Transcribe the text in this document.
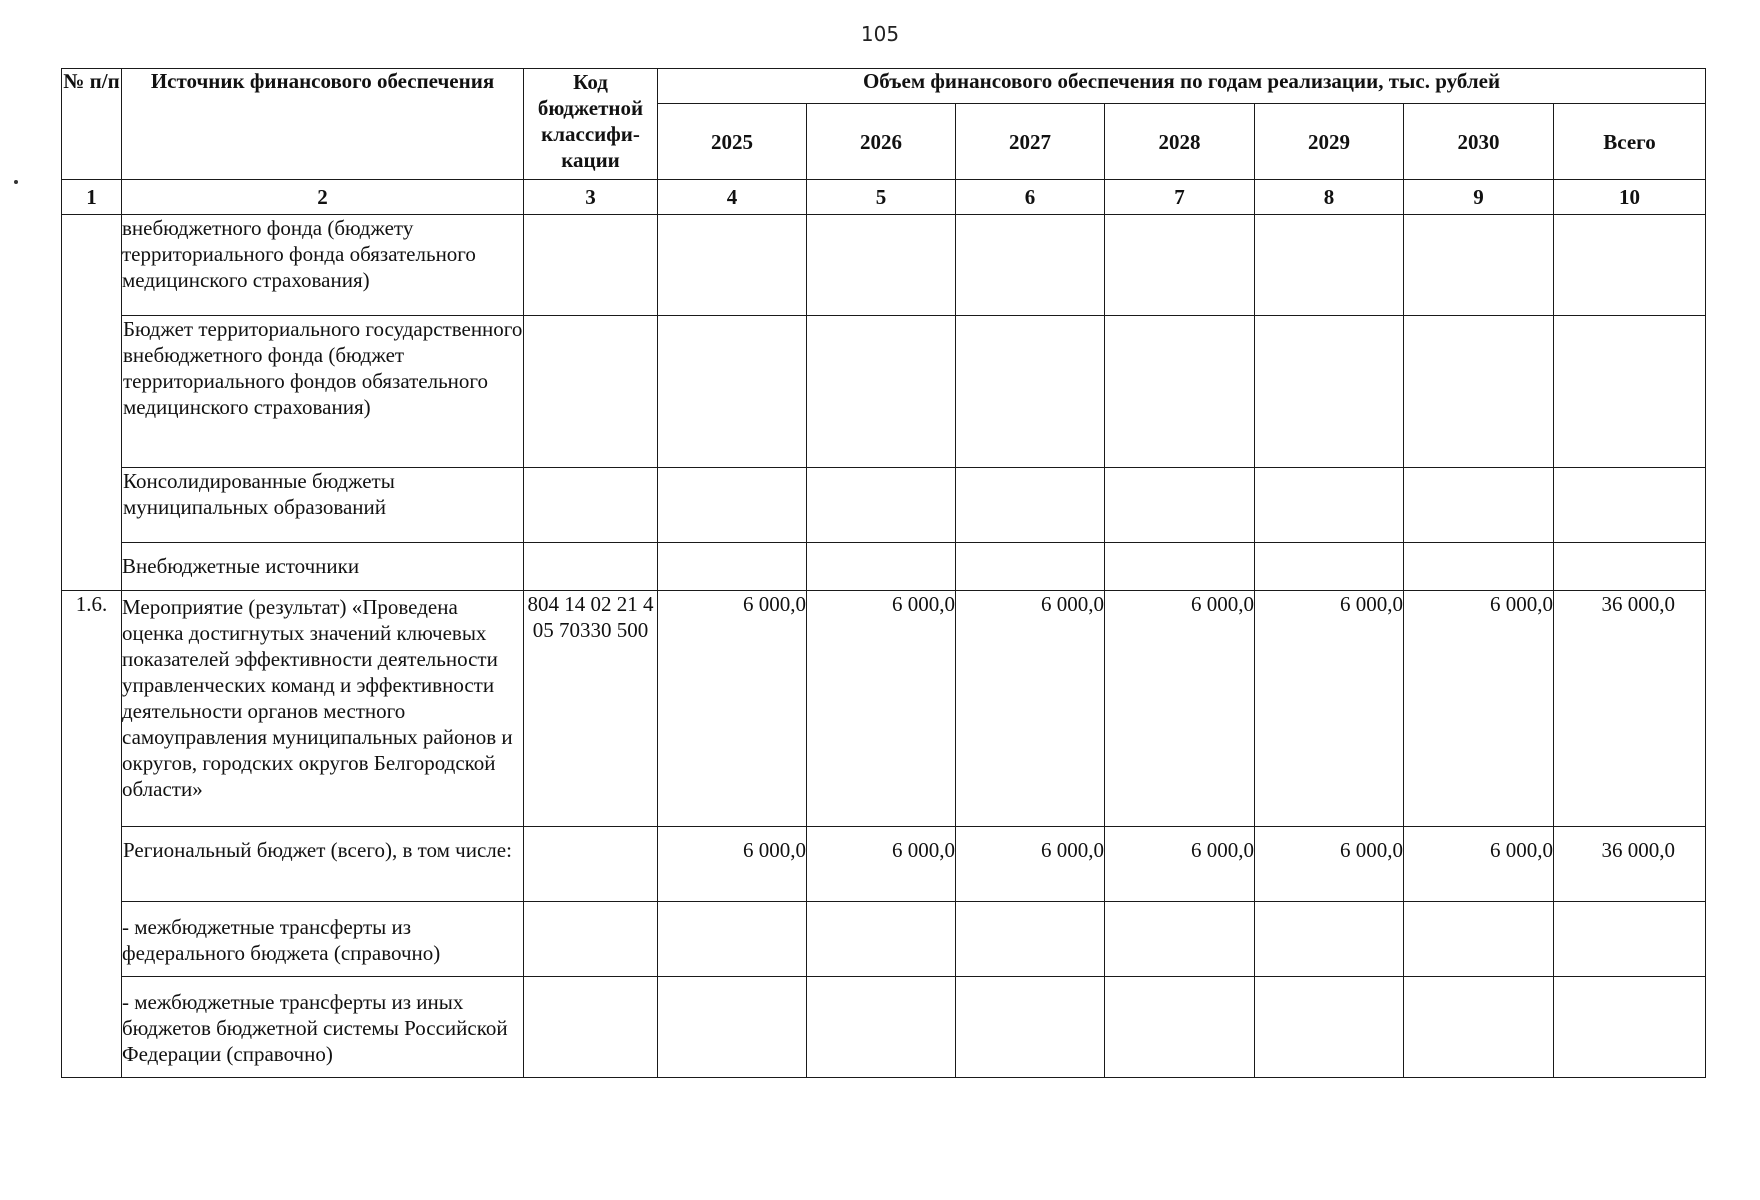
105
№ п/п	Источник финансового обеспечения	Код бюджетной классифи-кации	Объем финансового обеспечения по годам реализации, тыс. рублей						
			2025	2026	2027	2028	2029	2030	Всего
1	2	3	4	5	6	7	8	9	10
	внебюджетного фонда (бюджету территориального фонда обязательного медицинского страхования)								
	Бюджет территориального государственного внебюджетного фонда (бюджет территориального фондов обязательного медицинского страхования)								
	Консолидированные бюджеты муниципальных образований								
	Внебюджетные источники								
1.6.	Мероприятие (результат) «Проведена оценка достигнутых значений ключевых показателей эффективности деятельности управленческих команд и эффективности деятельности органов местного самоуправления муниципальных районов и округов, городских округов Белгородской области»	804 14 02 21 4 05 70330 500	6 000,0	6 000,0	6 000,0	6 000,0	6 000,0	6 000,0	36 000,0
	Региональный бюджет (всего), в том числе:		6 000,0	6 000,0	6 000,0	6 000,0	6 000,0	6 000,0	36 000,0
	- межбюджетные трансферты из федерального бюджета (справочно)								
	- межбюджетные трансферты из иных бюджетов бюджетной системы Российской Федерации (справочно)								
